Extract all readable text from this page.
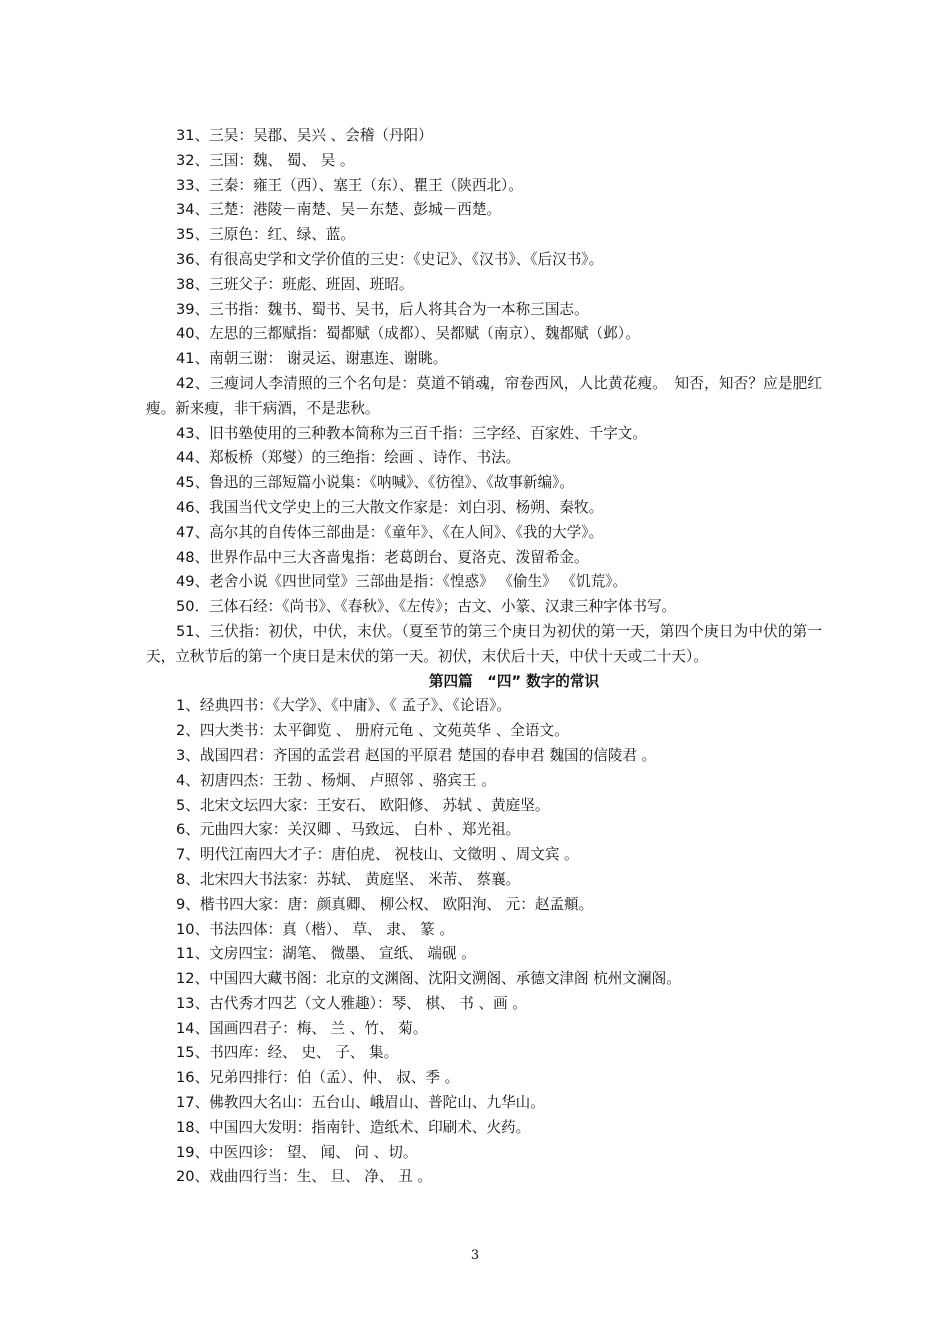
31、三吴：吴郡、吴兴 、会稽（丹阳）
32、三国：魏、 蜀、 吴 。
33、三秦：雍王（西）、塞王（东）、瞿王（陕西北）。
34、三楚：港陵－南楚、吴－东楚、彭城－西楚。
35、三原色：红、绿、蓝。
36、有很高史学和文学价值的三史：《史记》、《汉书》、《后汉书》。
38、三班父子：班彪、班固、班昭。
39、三书指：魏书、蜀书、吴书，后人将其合为一本称三国志。
40、左思的三都赋指：蜀都赋（成都）、吴都赋（南京）、魏都赋（邺）。
41、南朝三谢： 谢灵运、谢惠连、谢眺。
42、三瘦词人李清照的三个名句是：莫道不销魂，帘卷西风，人比黄花瘦。　知否，知否？应是肥红瘦。新来瘦，非干病酒，不是悲秋。
43、旧书塾使用的三种教本简称为三百千指：三字经、百家姓、千字文。
44、郑板桥（郑燮）的三绝指：绘画 、诗作、书法。
45、鲁迅的三部短篇小说集：《呐喊》、《彷徨》、《故事新编》。
46、我国当代文学史上的三大散文作家是：刘白羽、杨朔、秦牧。
47、高尔其的自传体三部曲是：《童年》、《在人间》、《我的大学》。
48、世界作品中三大吝啬鬼指：老葛朗台、夏洛克、泼留希金。
49、老舍小说《四世同堂》三部曲是指：《惶惑》 《偷生》 《饥荒》。
50．三体石经：《尚书》、《春秋》、《左传》；古文、小篆、汉隶三种字体书写。
51、三伏指：初伏，中伏，末伏。（夏至节的第三个庚日为初伏的第一天，第四个庚日为中伏的第一天，立秋节后的第一个庚日是末伏的第一天。初伏，末伏后十天，中伏十天或二十天）。
第四篇　“四” 数字的常识
1、经典四书：《大学》、《中庸》、《 孟子》、《论语》。
2、四大类书：太平御览 、 册府元龟 、文苑英华 、全语文。
3、战国四君：齐国的孟尝君 赵国的平原君 楚国的春申君 魏国的信陵君 。
4、初唐四杰：王勃 、杨炯、 卢照邻 、骆宾王 。
5、北宋文坛四大家：王安石、 欧阳修、 苏轼 、黄庭坚。
6、元曲四大家：关汉卿 、马致远、 白朴 、郑光祖。
7、明代江南四大才子：唐伯虎、 祝枝山、文徵明 、周文宾 。
8、北宋四大书法家：苏轼、 黄庭坚、 米芾、 蔡襄。
9、楷书四大家：唐：颜真卿、 柳公权、 欧阳洵、 元：赵孟頫。
10、书法四体：真（楷）、 草、 隶、 篆 。
11、文房四宝：湖笔、 微墨、 宣纸、 端砚 。
12、中国四大藏书阁：北京的文渊阁、沈阳文溯阁、承德文津阁 杭州文澜阁。
13、古代秀才四艺（文人雅趣）：琴、 棋、 书 、画 。
14、国画四君子：梅、 兰 、竹、 菊。
15、书四库：经、 史、 子、 集。
16、兄弟四排行：伯（孟）、仲、 叔、季 。
17、佛教四大名山：五台山、峨眉山、普陀山、九华山。
18、中国四大发明：指南针、造纸术、印刷术、火药。
19、中医四诊： 望、 闻、 问 、切。
20、戏曲四行当：生、 旦、 净、 丑 。
3
